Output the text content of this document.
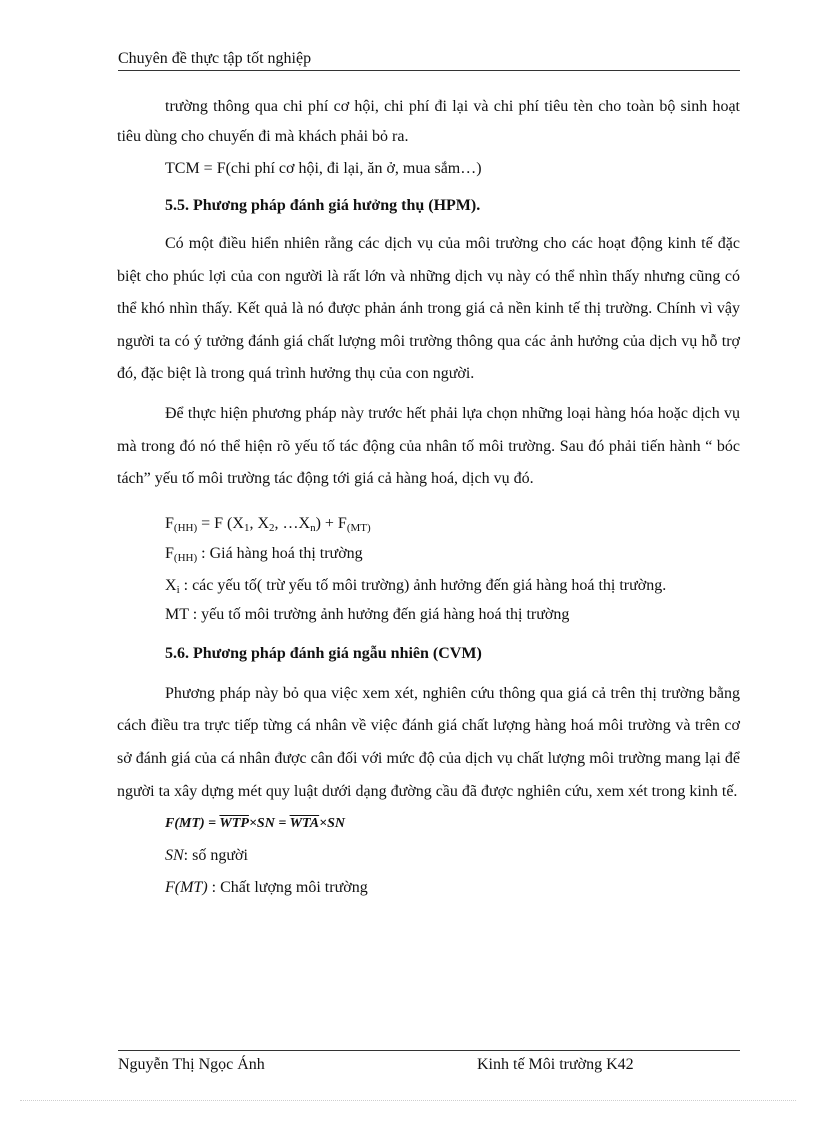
Chuyên đề thực tập tốt nghiệp

trường thông qua chi phí cơ hội, chi phí đi lại và chi phí tiêu tèn cho toàn bộ sinh hoạt tiêu dùng cho chuyến đi mà khách phải bỏ ra.

TCM = F(chi phí cơ hội, đi lại, ăn ở, mua sắm…)

5.5. Phương pháp đánh giá hưởng thụ (HPM).

Có một điều hiển nhiên rằng các dịch vụ của môi trường cho các hoạt động kinh tế đặc biệt cho phúc lợi của con người là rất lớn và những dịch vụ này có thể nhìn thấy nhưng cũng có thể khó nhìn thấy. Kết quả là nó được phản ánh trong giá cả nền kinh tế thị trường. Chính vì vậy người ta có ý tưởng đánh giá chất lượng môi trường thông qua các ảnh hưởng của dịch vụ hỗ trợ đó, đặc biệt là trong quá trình hưởng thụ của con người.

Để thực hiện phương pháp này trước hết phải lựa chọn những loại hàng hóa hoặc dịch vụ mà trong đó nó thể hiện rõ yếu tố tác động của nhân tố môi trường. Sau đó phải tiến hành “ bóc tách” yếu tố môi trường tác động tới giá cả hàng hoá, dịch vụ đó.

$F_{(HH)} = F$ ($X_1$, $X_2$, $\dots X_n) + F_{(MT)}$

$F_{(HH)}$ : Giá hàng hoá thị trường

$X_i$ : các yếu tố( trừ yếu tố môi trường) ảnh hưởng đến giá hàng hoá thị trường.

MT : yếu tố môi trường ảnh hưởng đến giá hàng hoá thị trường

5.6. Phương pháp đánh giá ngẫu nhiên (CVM)

Phương pháp này bỏ qua việc xem xét, nghiên cứu thông qua giá cả trên thị trường bằng cách điều tra trực tiếp từng cá nhân về việc đánh giá chất lượng hàng hoá môi trường và trên cơ sở đánh giá của cá nhân được cân đối với mức độ của dịch vụ chất lượng môi trường mang lại để người ta xây dựng mét quy luật dưới dạng đường cầu đã được nghiên cứu, xem xét trong kinh tế.

$F(MT) = \overline{WTP}\times SN = \overline{WTA}\times SN$

SN: số người

F(MT) : Chất lượng môi trường

Nguyễn Thị Ngọc Ánh	Kinh tế Môi trường K42
